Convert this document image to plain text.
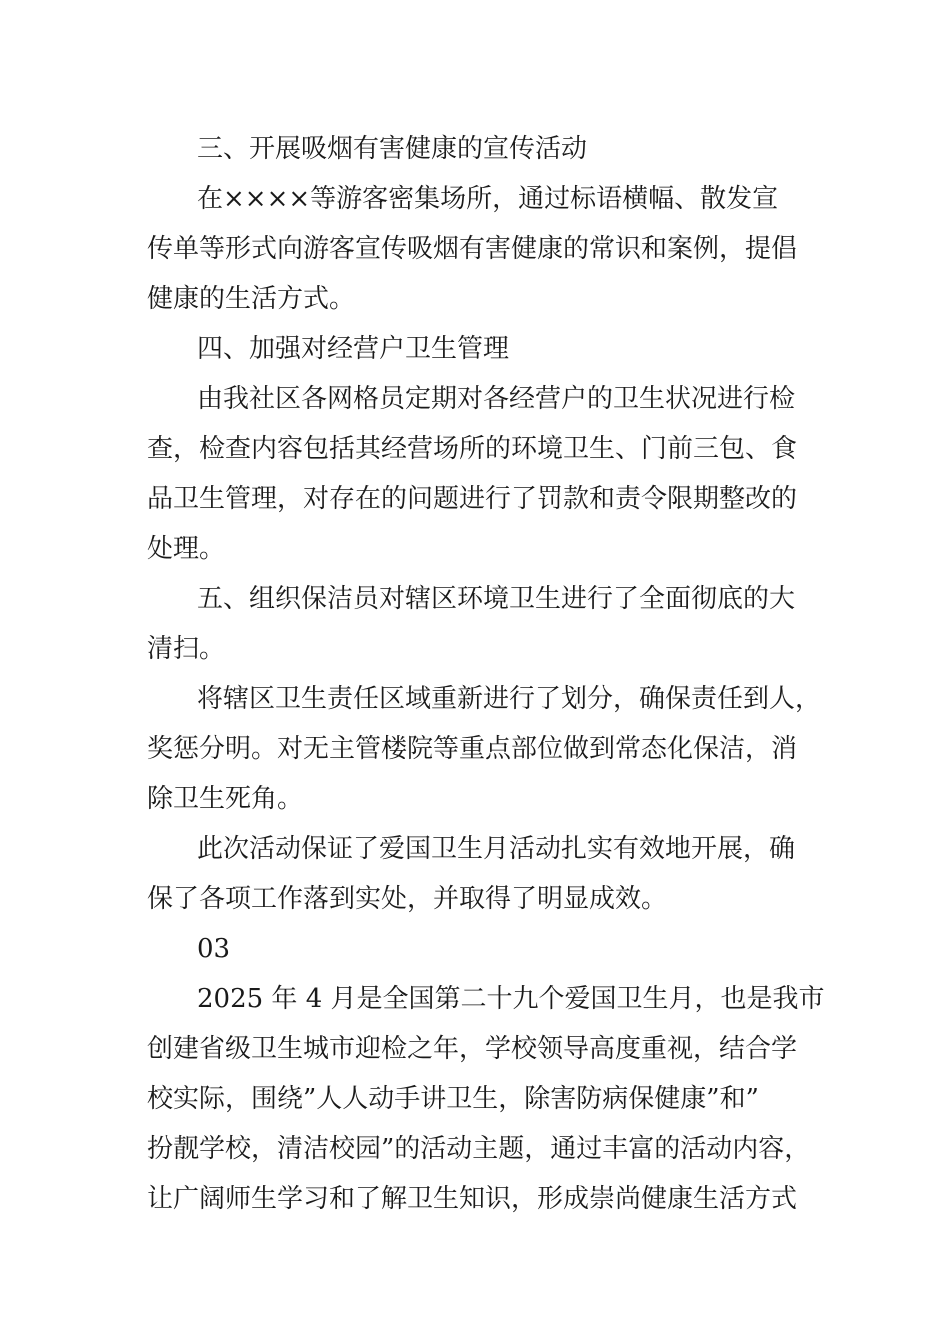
三、开展吸烟有害健康的宣传活动
在××××等游客密集场所，通过标语横幅、散发宣
传单等形式向游客宣传吸烟有害健康的常识和案例，提倡
健康的生活方式。
四、加强对经营户卫生管理
由我社区各网格员定期对各经营户的卫生状况进行检
查，检查内容包括其经营场所的环境卫生、门前三包、食
品卫生管理，对存在的问题进行了罚款和责令限期整改的
处理。
五、组织保洁员对辖区环境卫生进行了全面彻底的大
清扫。
将辖区卫生责任区域重新进行了划分，确保责任到人，
奖惩分明。对无主管楼院等重点部位做到常态化保洁，消
除卫生死角。
此次活动保证了爱国卫生月活动扎实有效地开展，确
保了各项工作落到实处，并取得了明显成效。
03
2025 年 4 月是全国第二十九个爱国卫生月，也是我市
创建省级卫生城市迎检之年，学校领导高度重视，结合学
校实际，围绕”人人动手讲卫生，除害防病保健康”和”
扮靓学校，清洁校园”的活动主题，通过丰富的活动内容，
让广阔师生学习和了解卫生知识，形成崇尚健康生活方式
